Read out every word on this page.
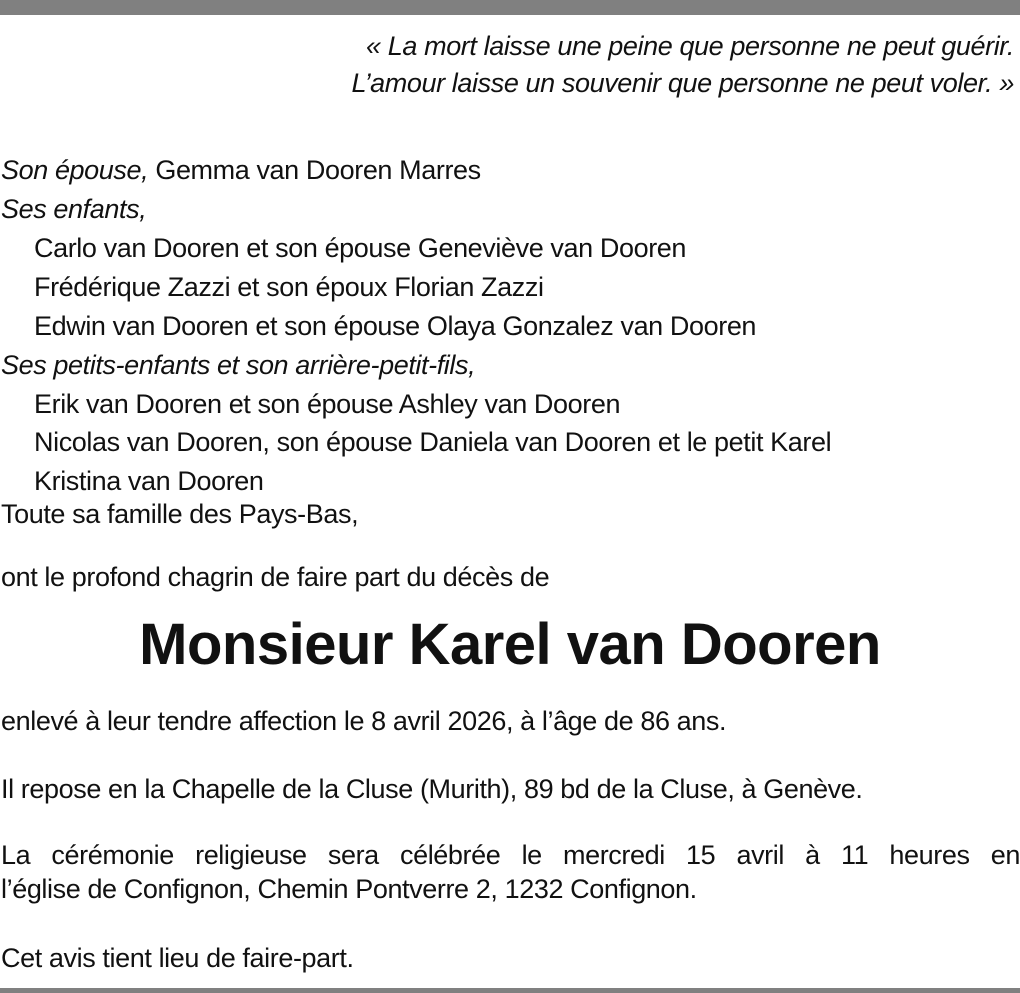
« La mort laisse une peine que personne ne peut guérir.
L’amour laisse un souvenir que personne ne peut voler. »
Son épouse, Gemma van Dooren Marres
Ses enfants,
Carlo van Dooren et son épouse Geneviève van Dooren
Frédérique Zazzi et son époux Florian Zazzi
Edwin van Dooren et son épouse Olaya Gonzalez van Dooren
Ses petits-enfants et son arrière-petit-fils,
Erik van Dooren et son épouse Ashley van Dooren
Nicolas van Dooren, son épouse Daniela van Dooren et le petit Karel
Kristina van Dooren
Toute sa famille des Pays-Bas,
ont le profond chagrin de faire part du décès de
Monsieur Karel van Dooren
enlevé à leur tendre affection le 8 avril 2026, à l’âge de 86 ans.
Il repose en la Chapelle de la Cluse (Murith), 89 bd de la Cluse, à Genève.
La cérémonie religieuse sera célébrée le mercredi 15 avril à 11 heures en
l’église de Confignon, Chemin Pontverre 2, 1232 Confignon.
Cet avis tient lieu de faire-part.
